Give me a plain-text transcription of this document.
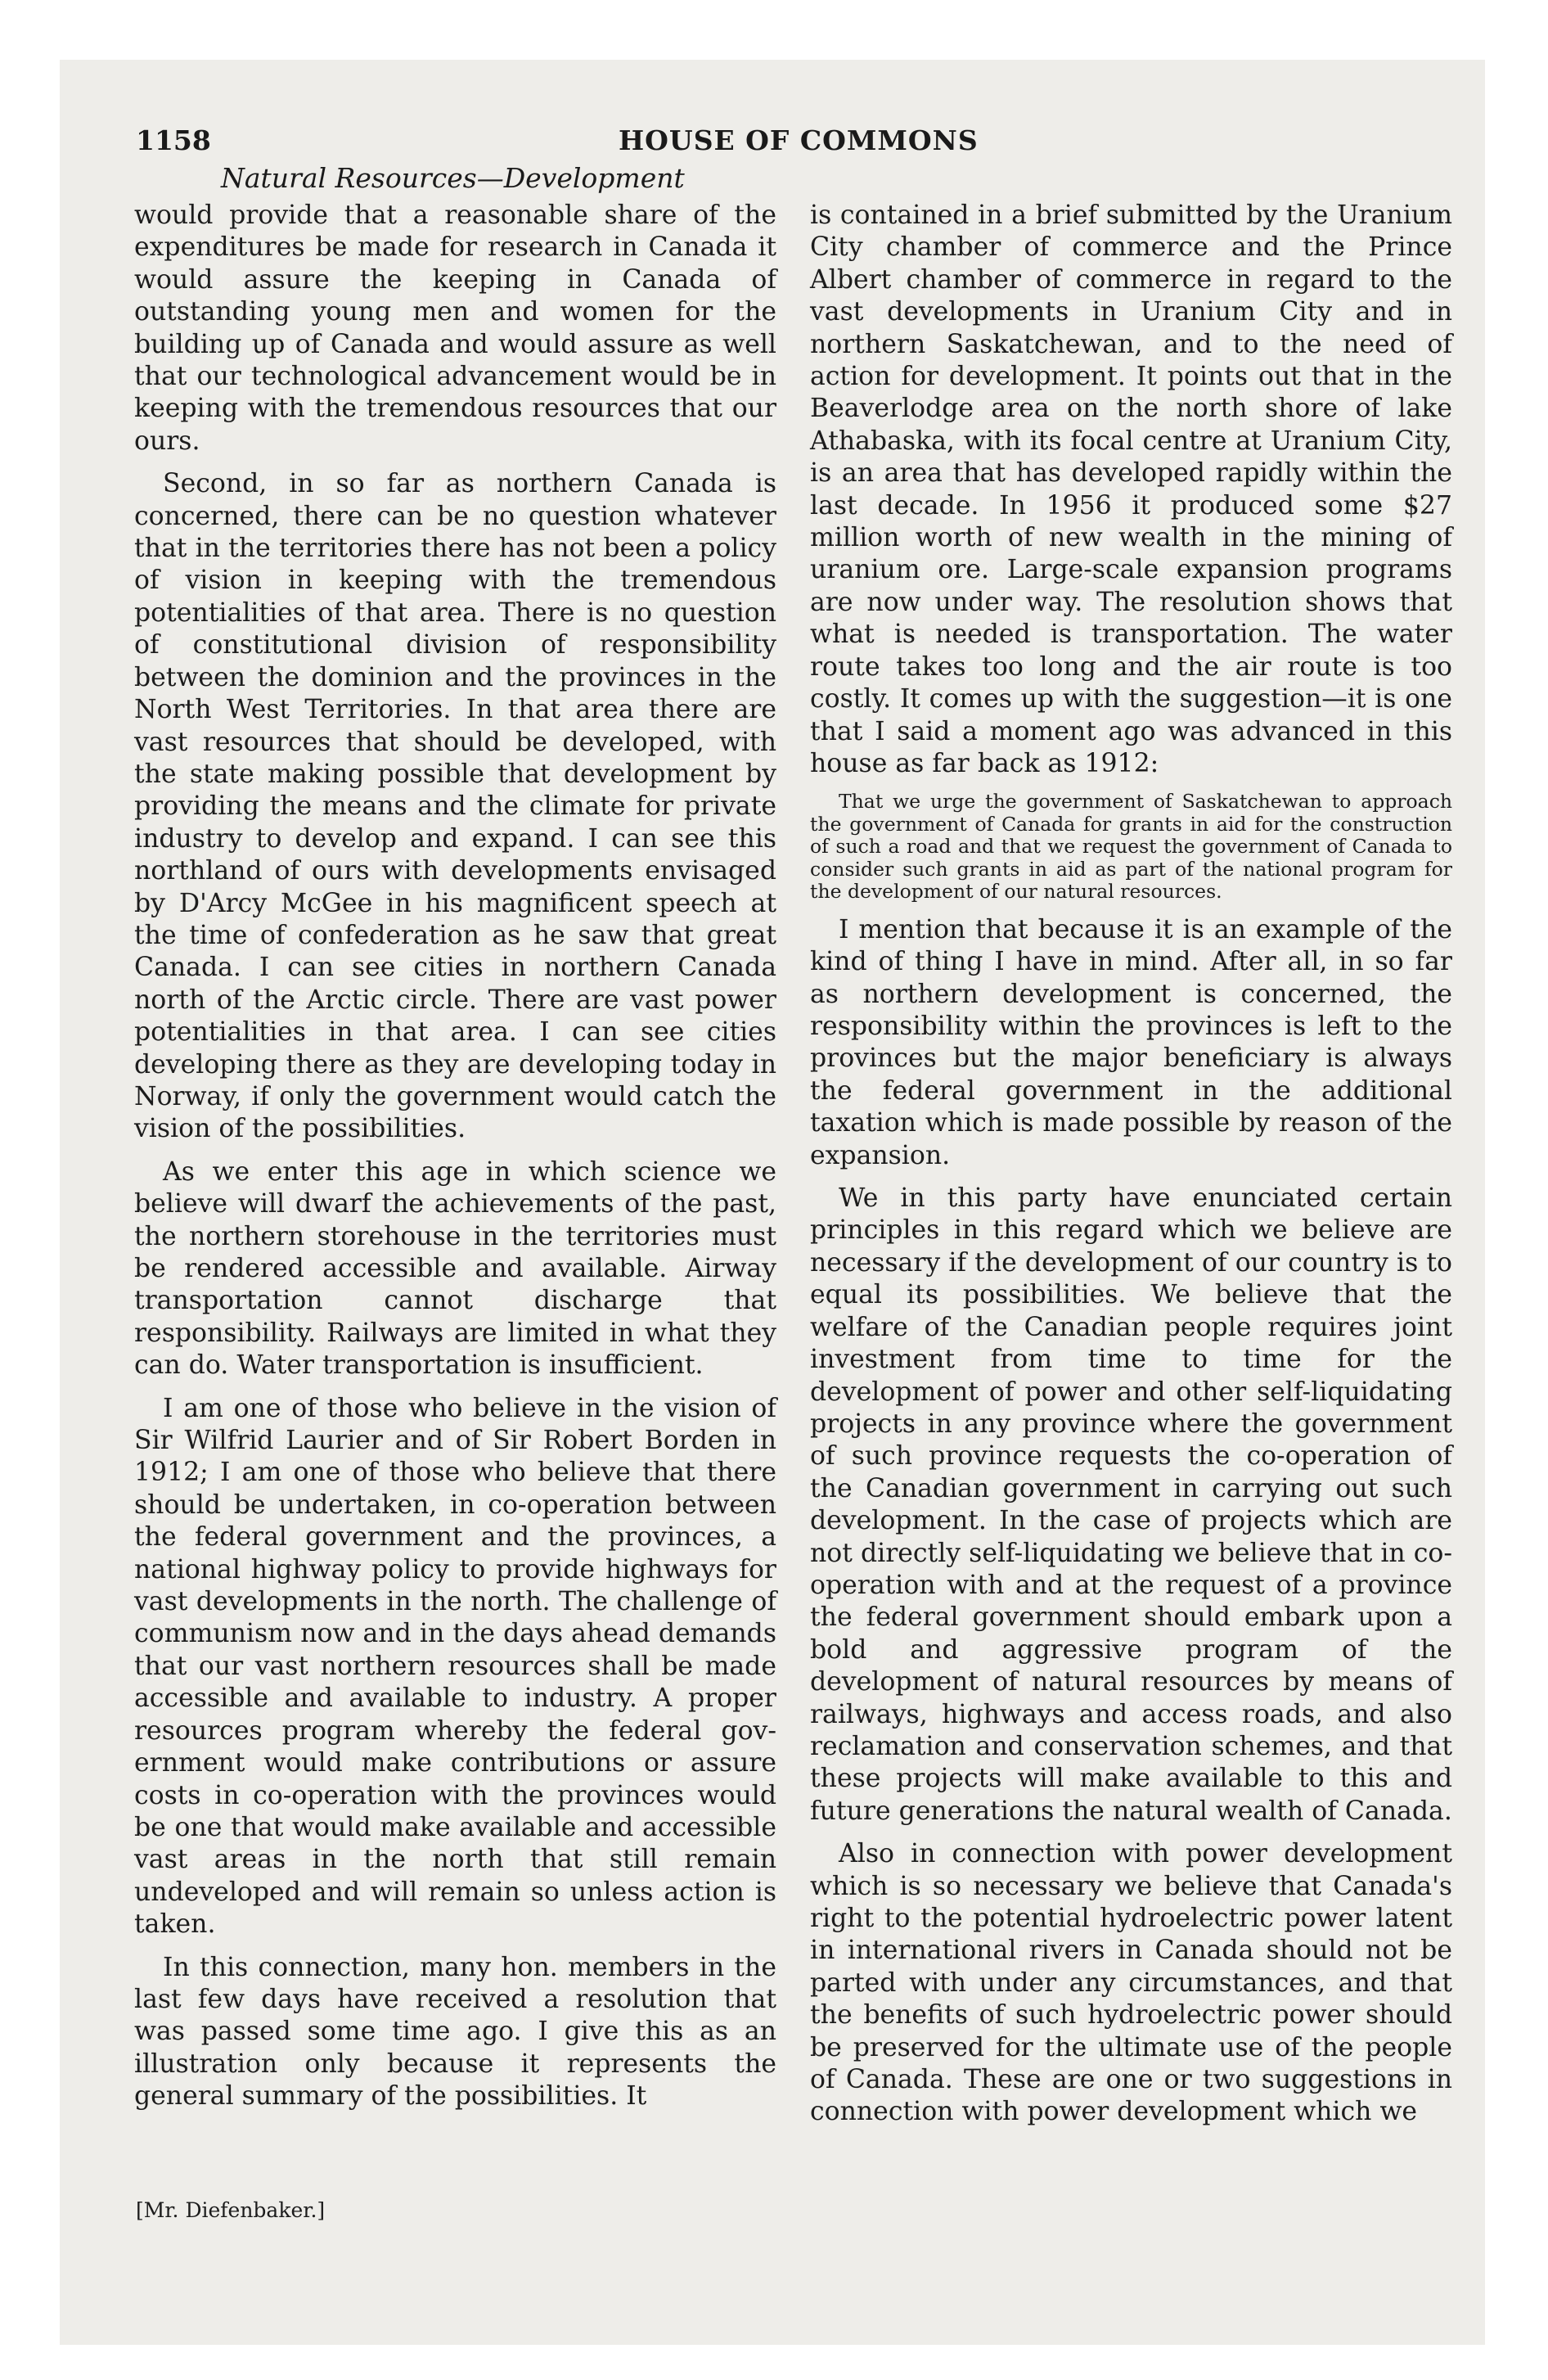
1158	HOUSE OF COMMONS
Natural Resources—Development

would provide that a reasonable share of the expenditures be made for research in Canada it would assure the keeping in Canada of outstanding young men and women for the building up of Canada and would assure as well that our technological advancement would be in keeping with the tremendous resources that our ours.

Second, in so far as northern Canada is concerned, there can be no question whatever that in the territories there has not been a policy of vision in keeping with the tremendous potentialities of that area. There is no question of constitutional division of responsibility between the dominion and the provinces in the North West Territories. In that area there are vast resources that should be developed, with the state making possible that development by providing the means and the climate for private industry to develop and expand. I can see this northland of ours with developments envisaged by D'Arcy McGee in his magnificent speech at the time of confederation as he saw that great Canada. I can see cities in northern Canada north of the Arctic circle. There are vast power potentialities in that area. I can see cities developing there as they are developing today in Norway, if only the government would catch the vision of the possibilities.

As we enter this age in which science we believe will dwarf the achievements of the past, the northern storehouse in the territories must be rendered accessible and available. Airway transportation cannot discharge that responsibility. Railways are limited in what they can do. Water transportation is insufficient.

I am one of those who believe in the vision of Sir Wilfrid Laurier and of Sir Robert Borden in 1912; I am one of those who believe that there should be undertaken, in co-operation between the federal government and the provinces, a national highway policy to provide highways for vast developments in the north. The challenge of communism now and in the days ahead demands that our vast northern resources shall be made accessible and available to industry. A proper resources program whereby the federal government would make contributions or assure costs in co-operation with the provinces would be one that would make available and accessible vast areas in the north that still remain undeveloped and will remain so unless action is taken.

In this connection, many hon. members in the last few days have received a resolution that was passed some time ago. I give this as an illustration only because it represents the general summary of the possibilities. It

is contained in a brief submitted by the Uranium City chamber of commerce and the Prince Albert chamber of commerce in regard to the vast developments in Uranium City and in northern Saskatchewan, and to the need of action for development. It points out that in the Beaverlodge area on the north shore of lake Athabaska, with its focal centre at Uranium City, is an area that has developed rapidly within the last decade. In 1956 it produced some $27 million worth of new wealth in the mining of uranium ore. Large-scale expansion programs are now under way. The resolution shows that what is needed is transportation. The water route takes too long and the air route is too costly. It comes up with the suggestion—it is one that I said a moment ago was advanced in this house as far back as 1912:

That we urge the government of Saskatchewan to approach the government of Canada for grants in aid for the construction of such a road and that we request the government of Canada to consider such grants in aid as part of the national program for the development of our natural resources.

I mention that because it is an example of the kind of thing I have in mind. After all, in so far as northern development is concerned, the responsibility within the provinces is left to the provinces but the major beneficiary is always the federal government in the additional taxation which is made possible by reason of the expansion.

We in this party have enunciated certain principles in this regard which we believe are necessary if the development of our country is to equal its possibilities. We believe that the welfare of the Canadian people requires joint investment from time to time for the development of power and other self-liquidating projects in any province where the government of such province requests the co-operation of the Canadian government in carrying out such development. In the case of projects which are not directly self-liquidating we believe that in co-operation with and at the request of a province the federal government should embark upon a bold and aggressive program of the development of natural resources by means of railways, highways and access roads, and also reclamation and conservation schemes, and that these projects will make available to this and future generations the natural wealth of Canada.

Also in connection with power development which is so necessary we believe that Canada's right to the potential hydroelectric power latent in international rivers in Canada should not be parted with under any circumstances, and that the benefits of such hydroelectric power should be preserved for the ultimate use of the people of Canada. These are one or two suggestions in connection with power development which we

[Mr. Diefenbaker.]
